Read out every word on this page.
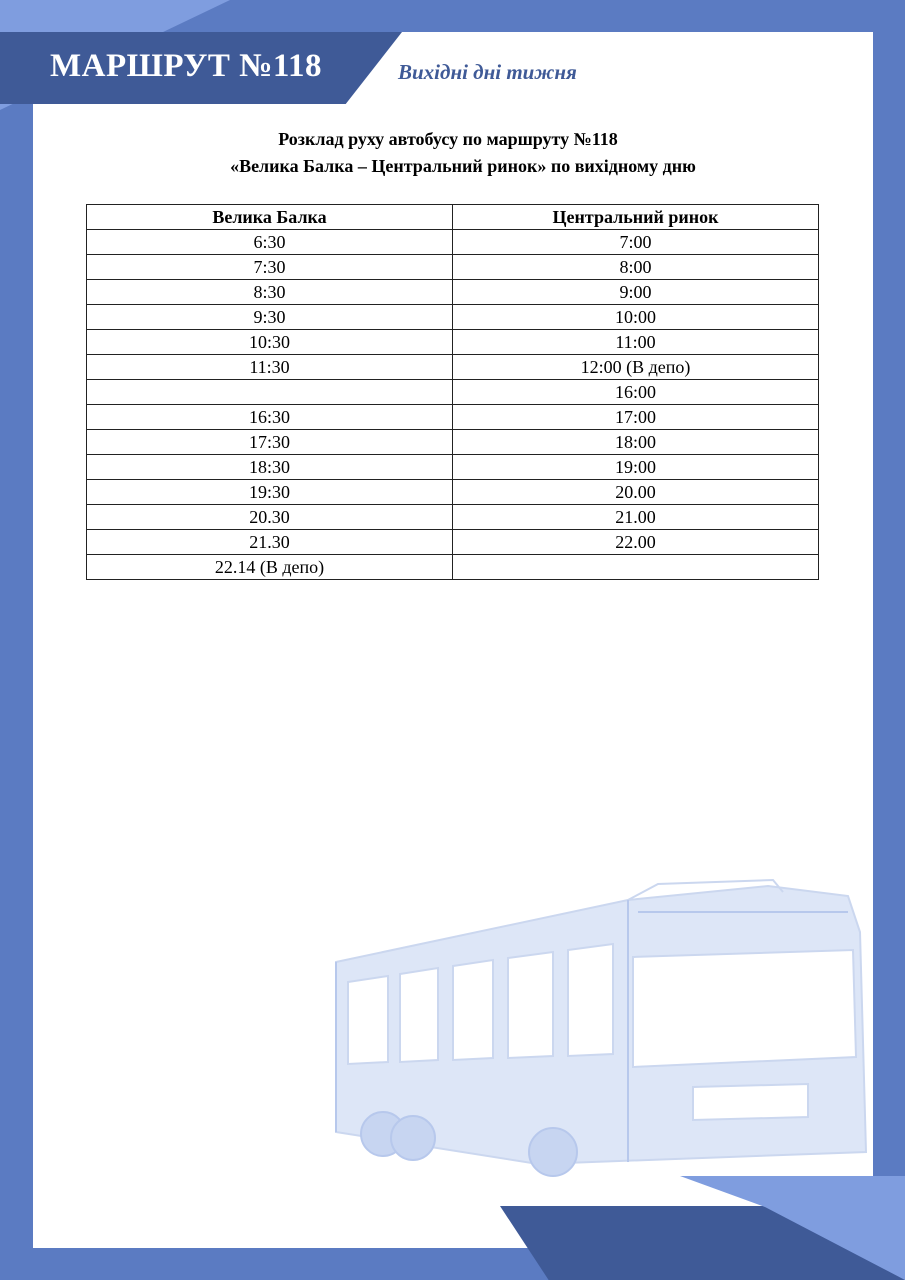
МАРШРУТ №118	Вихідні дні тижня
Розклад руху автобусу по маршруту №118
«Велика Балка – Центральний ринок» по вихідному дню
Велика Балка	Центральний ринок
6:30	7:00
7:30	8:00
8:30	9:00
9:30	10:00
10:30	11:00
11:30	12:00 (В депо)
	16:00
16:30	17:00
17:30	18:00
18:30	19:00
19:30	20.00
20.30	21.00
21.30	22.00
22.14 (В депо)	
